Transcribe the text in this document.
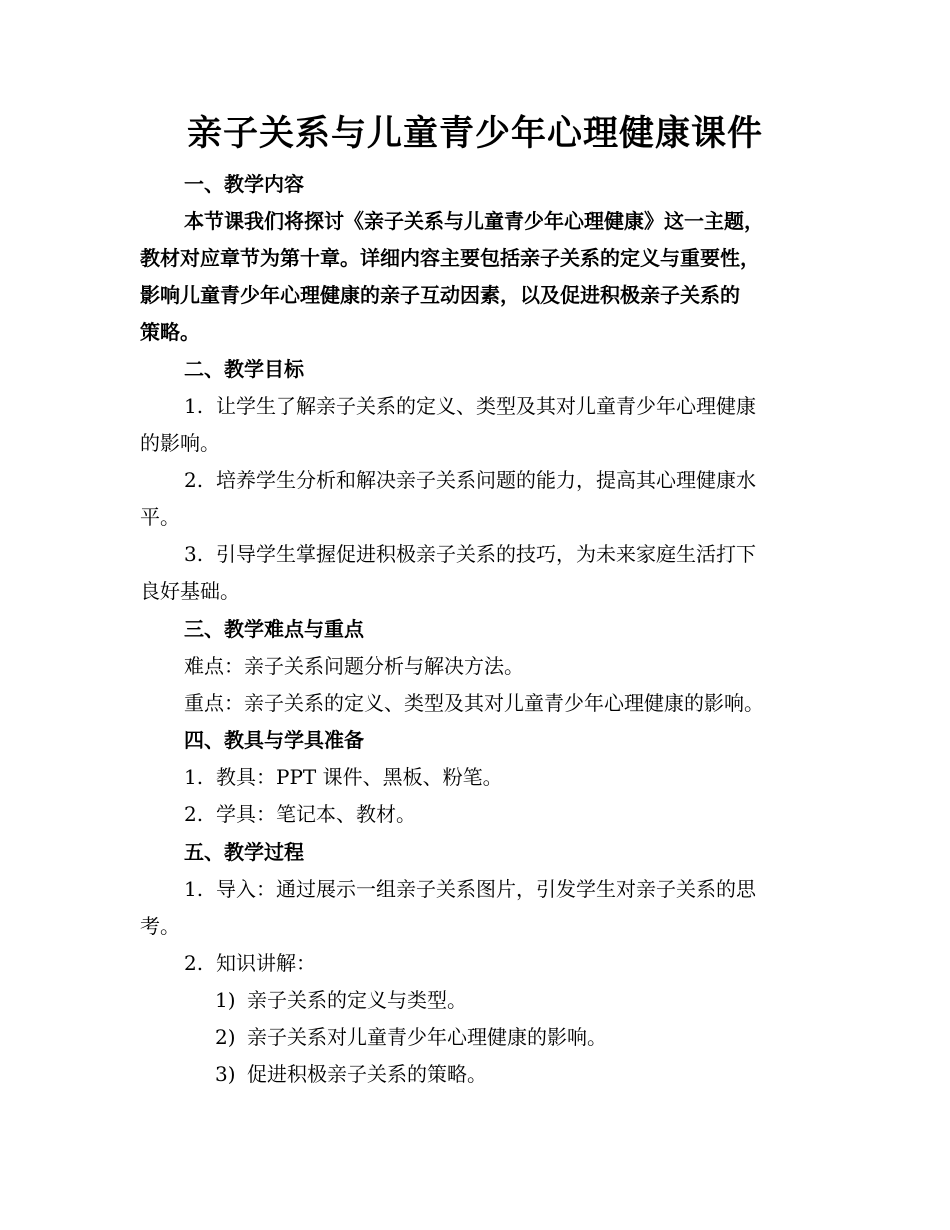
亲子关系与儿童青少年心理健康课件
一、教学内容
本节课我们将探讨《亲子关系与儿童青少年心理健康》这一主题，
教材对应章节为第十章。详细内容主要包括亲子关系的定义与重要性，
影响儿童青少年心理健康的亲子互动因素，以及促进积极亲子关系的
策略。
二、教学目标
1. 让学生了解亲子关系的定义、类型及其对儿童青少年心理健康
的影响。
2. 培养学生分析和解决亲子关系问题的能力，提高其心理健康水
平。
3. 引导学生掌握促进积极亲子关系的技巧，为未来家庭生活打下
良好基础。
三、教学难点与重点
难点：亲子关系问题分析与解决方法。
重点：亲子关系的定义、类型及其对儿童青少年心理健康的影响。
四、教具与学具准备
1. 教具：PPT 课件、黑板、粉笔。
2. 学具：笔记本、教材。
五、教学过程
1. 导入：通过展示一组亲子关系图片，引发学生对亲子关系的思
考。
2. 知识讲解：
1) 亲子关系的定义与类型。
2) 亲子关系对儿童青少年心理健康的影响。
3) 促进积极亲子关系的策略。
